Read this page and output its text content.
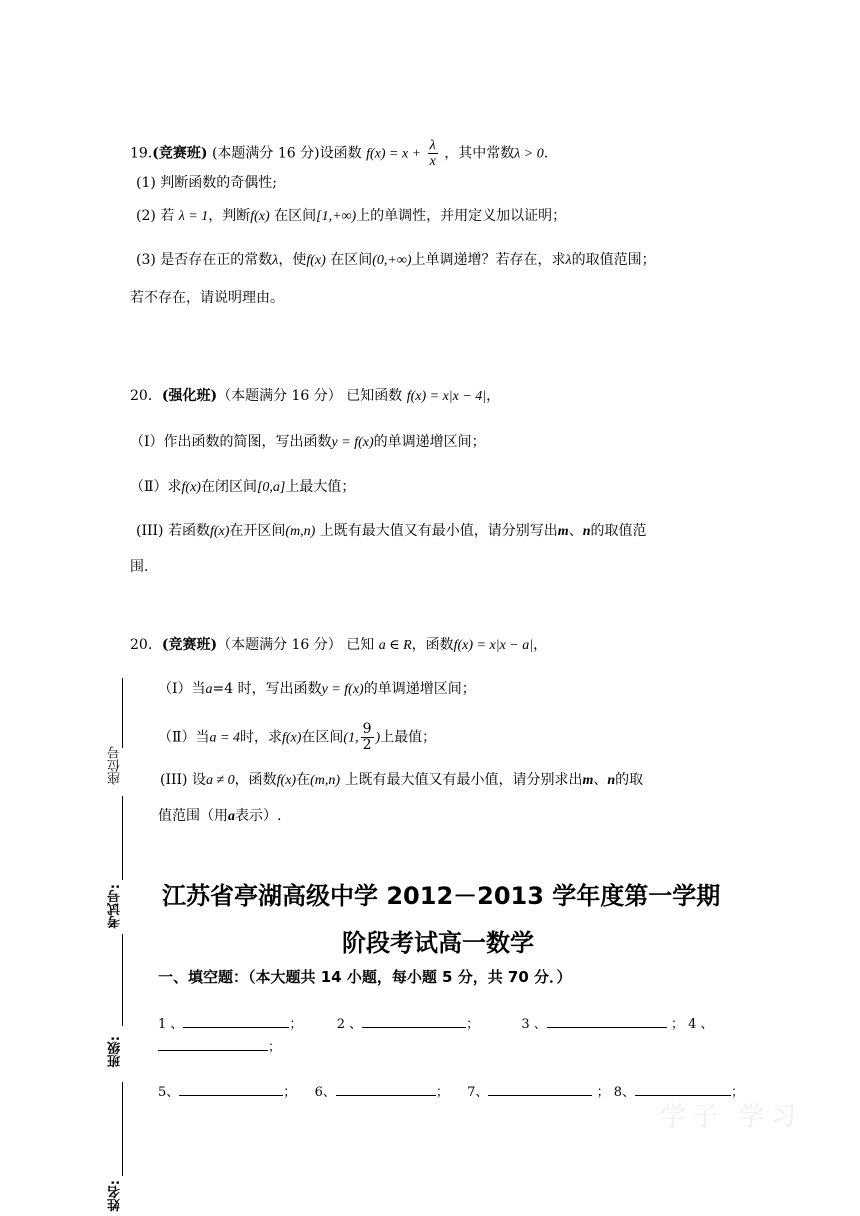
19.(竞赛班) (本题满分 16 分)设函数 $f(x) = x + \frac{\lambda}{x}$ ，其中常数λ > 0.
(1) 判断函数的奇偶性;
(2) 若 λ = 1，判断f(x) 在区间[1,+∞)上的单调性，并用定义加以证明；
(3) 是否存在正的常数λ，使f(x) 在区间(0,+∞)上单调递增？若存在，求λ的取值范围；
若不存在，请说明理由。
20．(强化班)（本题满分 16 分） 已知函数 f(x) = x|x − 4|，
（Ⅰ）作出函数的简图，写出函数y = f(x)的单调递增区间；
（Ⅱ）求f(x)在闭区间[0,a]上最大值；
(III) 若函数f(x)在开区间(m,n) 上既有最大值又有最小值，请分别写出m、n的取值范
围.
20．(竞赛班)（本题满分 16 分） 已知 a ∈ R，函数f(x) = x|x − a|，
（Ⅰ）当a=4 时，写出函数y = f(x)的单调递增区间；
（Ⅱ）当a = 4时，求f(x)在区间(1, $\frac{9}{2}$ )上最值；
(III) 设a ≠ 0，函数f(x)在(m,n) 上既有最大值又有最小值，请分别求出m、n的取
值范围（用a表示）.
座位号
考试号:
班级:
姓名:
江苏省亭湖高级中学 2012－2013 学年度第一学期
阶段考试高一数学
一、填空题：（本大题共 14 小题，每小题 5 分，共 70 分．）
1 、	；	2 、	；	3 、	； 4 、
；
5、	； 6、	； 7、	； 8、	；
学子 学习
